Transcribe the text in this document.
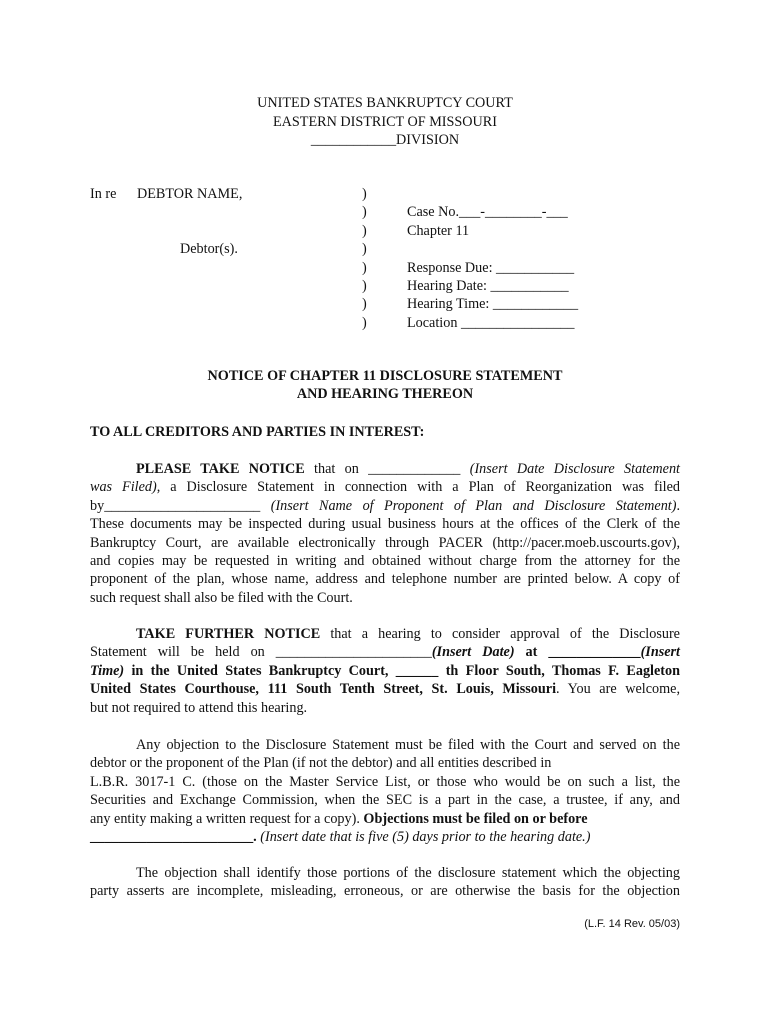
UNITED STATES BANKRUPTCY COURT
EASTERN DISTRICT OF MISSOURI
____________DIVISION
In re DEBTOR NAME,
Debtor(s).
)
)
)
)
)
)
)
)
Case No.___-________-___
Chapter 11
Response Due: ___________
Hearing Date: ___________
Hearing Time: ____________
Location ________________
NOTICE OF CHAPTER 11 DISCLOSURE STATEMENT
AND HEARING THEREON
TO ALL CREDITORS AND PARTIES IN INTEREST:
PLEASE TAKE NOTICE that on _____________ (Insert Date Disclosure Statement
was Filed), a Disclosure Statement in connection with a Plan of Reorganization was filed
by______________________ (Insert Name of Proponent of Plan and Disclosure Statement).
These documents may be inspected during usual business hours at the offices of the Clerk of the
Bankruptcy Court, are available electronically through PACER (http://pacer.moeb.uscourts.gov),
and copies may be requested in writing and obtained without charge from the attorney for the
proponent of the plan, whose name, address and telephone number are printed below. A copy of
such request shall also be filed with the Court.
TAKE FURTHER NOTICE that a hearing to consider approval of the Disclosure
Statement will be held on ______________________(Insert Date) at _____________(Insert
Time) in the United States Bankruptcy Court, ______ th Floor South, Thomas F. Eagleton
United States Courthouse, 111 South Tenth Street, St. Louis, Missouri. You are welcome,
but not required to attend this hearing.
Any objection to the Disclosure Statement must be filed with the Court and served on the
debtor or the proponent of the Plan (if not the debtor) and all entities described in
L.B.R. 3017-1 C. (those on the Master Service List, or those who would be on such a list, the
Securities and Exchange Commission, when the SEC is a part in the case, a trustee, if any, and
any entity making a written request for a copy). Objections must be filed on or before
_______________________. (Insert date that is five (5) days prior to the hearing date.)
The objection shall identify those portions of the disclosure statement which the objecting
party asserts are incomplete, misleading, erroneous, or are otherwise the basis for the objection
(L.F. 14 Rev. 05/03)
